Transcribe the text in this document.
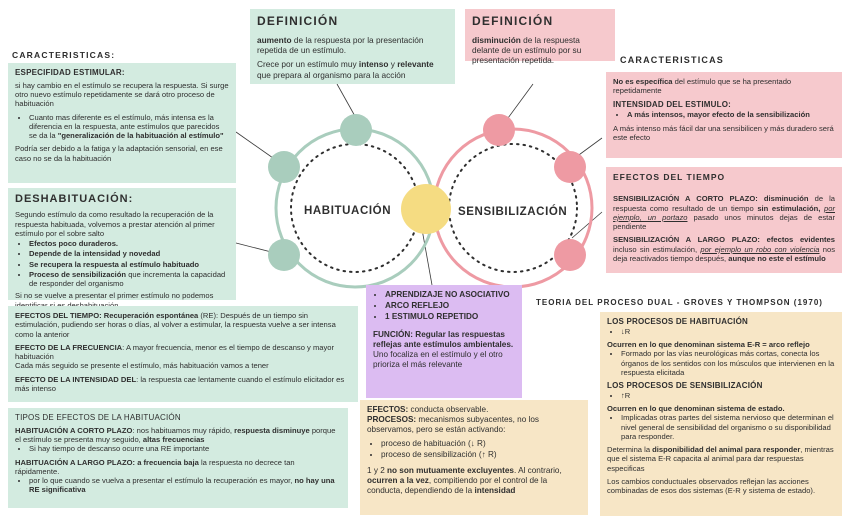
HABITUACIÓN	SENSIBILIZACIÓN
DEFINICIÓN

aumento de la respuesta por la presentación repetida de un estímulo.

Crece por un estímulo muy intenso y relevante que prepara al organismo para la acción

DEFINICIÓN

disminución de la respuesta delante de un estímulo por su presentación repetida.

CARACTERISTICAS:
ESPECIFIDAD ESTIMULAR:

si hay cambio en el estímulo se recupera la respuesta. Si surge otro nuevo estímulo repetidamente se dará otro proceso de habituación

• Cuanto mas diferente es el estímulo, más intensa es la diferencia en la respuesta, ante estímulos que parecidos se da la "generalización de la habituación al estímulo"

Podría ser debido a la fatiga y la adaptación sensorial, en ese caso no se da la habituación

DESHABITUACIÓN:

Segundo estímulo da como resultado la recuperación de la respuesta habituada, volvemos a prestar atención al primer estímulo por el sobre salto

• Efectos poco duraderos.
• Depende de la intensidad y novedad
• Se recupera la respuesta al estímulo habituado
• Proceso de sensibilización que incrementa la capacidad de responder del organismo

Si no se vuelve a presentar el primer estímulo no podemos

EFECTOS DEL TIEMPO: Recuperación espontánea (RE): Después de un tiempo sin estimulación, pudiendo ser horas o días, al volver a estimular, la respuesta vuelve a ser intensa como la anterior

EFECTO DE LA FRECUENCIA: A mayor frecuencia, menor es el tiempo de descanso y mayor habituación

Cada más seguido se presente el estímulo, más habituación vamos a tener

EFECTO DE LA INTENSIDAD DEL: la respuesta cae lentamente cuando el estímulo elicitador es más intenso

TIPOS DE EFECTOS DE LA HABITUACIÓN

HABITUACIÓN A CORTO PLAZO: nos habituamos muy rápido, respuesta disminuye porque el estímulo se presenta muy seguido, altas frecuencias

• Si hay tiempo de descanso ocurre una RE importante

HABITUACIÓN A LARGO PLAZO: a frecuencia baja la respuesta no decrece tan rápidamente.

• por lo que cuando se vuelva a presentar el estímulo la recuperación es mayor, no hay una RE significativa
• APRENDIZAJE NO ASOCIATIVO
• ARCO REFLEJO
• 1 ESTIMULO REPETIDO

FUNCIÓN: Regular las respuestas reflejas ante estímulos ambientales. Uno focaliza en el estímulo y el otro prioriza el más relevante

EFECTOS: conducta observable.

PROCESOS: mecanismos subyacentes, no los observamos, pero se están activando:

• proceso de habituación (↓ R)
• proceso de sensibilización (↑ R)

1 y 2 no son mutuamente excluyentes. Al contrario, ocurren a la vez, compitiendo por el control de la conducta, dependiendo de la intensidad

CARACTERISTICAS

No es específica del estímulo que se ha presentado repetidamente

INTENSIDAD DEL ESTIMULO:
• A más intensos, mayor efecto de la sensibilización

A más intenso más fácil dar una sensibilicen y más duradero será este efecto

EFECTOS DEL TIEMPO

SENSIBILIZACIÓN A CORTO PLAZO: disminución de la respuesta como resultado de un tiempo sin estimulación, por ejemplo, un portazo pasado unos minutos dejas de estar pendiente

SENSIBILIZACIÓN A LARGO PLAZO: efectos evidentes incluso sin estimulación, por ejemplo un robo con violencia nos deja reactivados tiempo después, aunque no este el estímulo

TEORIA DEL PROCESO DUAL - GROVES Y THOMPSON (1970)
LOS PROCESOS DE HABITUACIÓN
• ↓R

Ocurren en lo que denominan sistema E-R = arco reflejo

• Formado por las vías neurológicas más cortas, conecta los órganos de los sentidos con los músculos que intervienen en la respuesta elicitada
LOS PROCESOS DE SENSIBILIZACIÓN
• ↑R

Ocurren en lo que denominan sistema de estado.

• Implicadas otras partes del sistema nervioso que determinan el nivel general de sensibilidad del organismo o su disponibilidad para responder.

Determina la disponibilidad del animal para responder, mientras que el sistema E-R capacita al animal para dar respuestas especificas

Los cambios conductuales observados reflejan las acciones combinadas de esos dos sistemas (E-R y sistema de estado).
